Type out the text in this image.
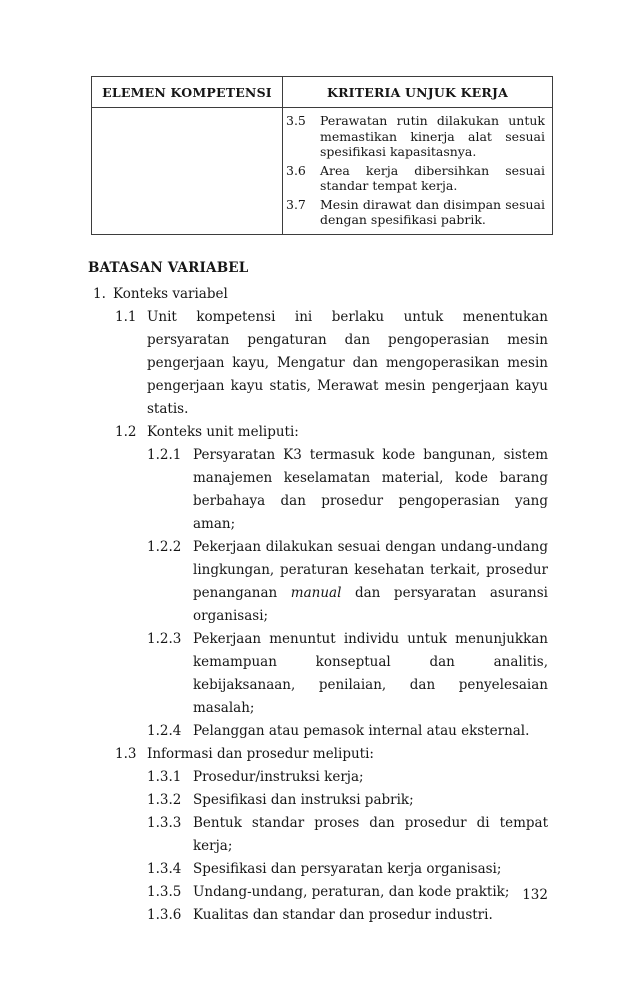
ELEMEN KOMPETENSI	KRITERIA UNJUK KERJA
3.5	Perawatan rutin dilakukan untuk memastikan kinerja alat sesuai spesifikasi kapasitasnya.
3.6	Area kerja dibersihkan sesuai standar tempat kerja.
3.7	Mesin dirawat dan disimpan sesuai dengan spesifikasi pabrik.
BATASAN VARIABEL
1. Konteks variabel
1.1 Unit kompetensi ini berlaku untuk menentukan persyaratan pengaturan dan pengoperasian mesin pengerjaan kayu, Mengatur dan mengoperasikan mesin pengerjaan kayu statis, Merawat mesin pengerjaan kayu statis.
1.2 Konteks unit meliputi:
1.2.1 Persyaratan K3 termasuk kode bangunan, sistem manajemen keselamatan material, kode barang berbahaya dan prosedur pengoperasian yang aman;
1.2.2 Pekerjaan dilakukan sesuai dengan undang-undang lingkungan, peraturan kesehatan terkait, prosedur penanganan manual dan persyaratan asuransi organisasi;
1.2.3 Pekerjaan menuntut individu untuk menunjukkan kemampuan konseptual dan analitis, kebijaksanaan, penilaian, dan penyelesaian masalah;
1.2.4 Pelanggan atau pemasok internal atau eksternal.
1.3 Informasi dan prosedur meliputi:
1.3.1 Prosedur/instruksi kerja;
1.3.2 Spesifikasi dan instruksi pabrik;
1.3.3 Bentuk standar proses dan prosedur di tempat kerja;
1.3.4 Spesifikasi dan persyaratan kerja organisasi;
1.3.5 Undang-undang, peraturan, dan kode praktik;
1.3.6 Kualitas dan standar dan prosedur industri.
132
